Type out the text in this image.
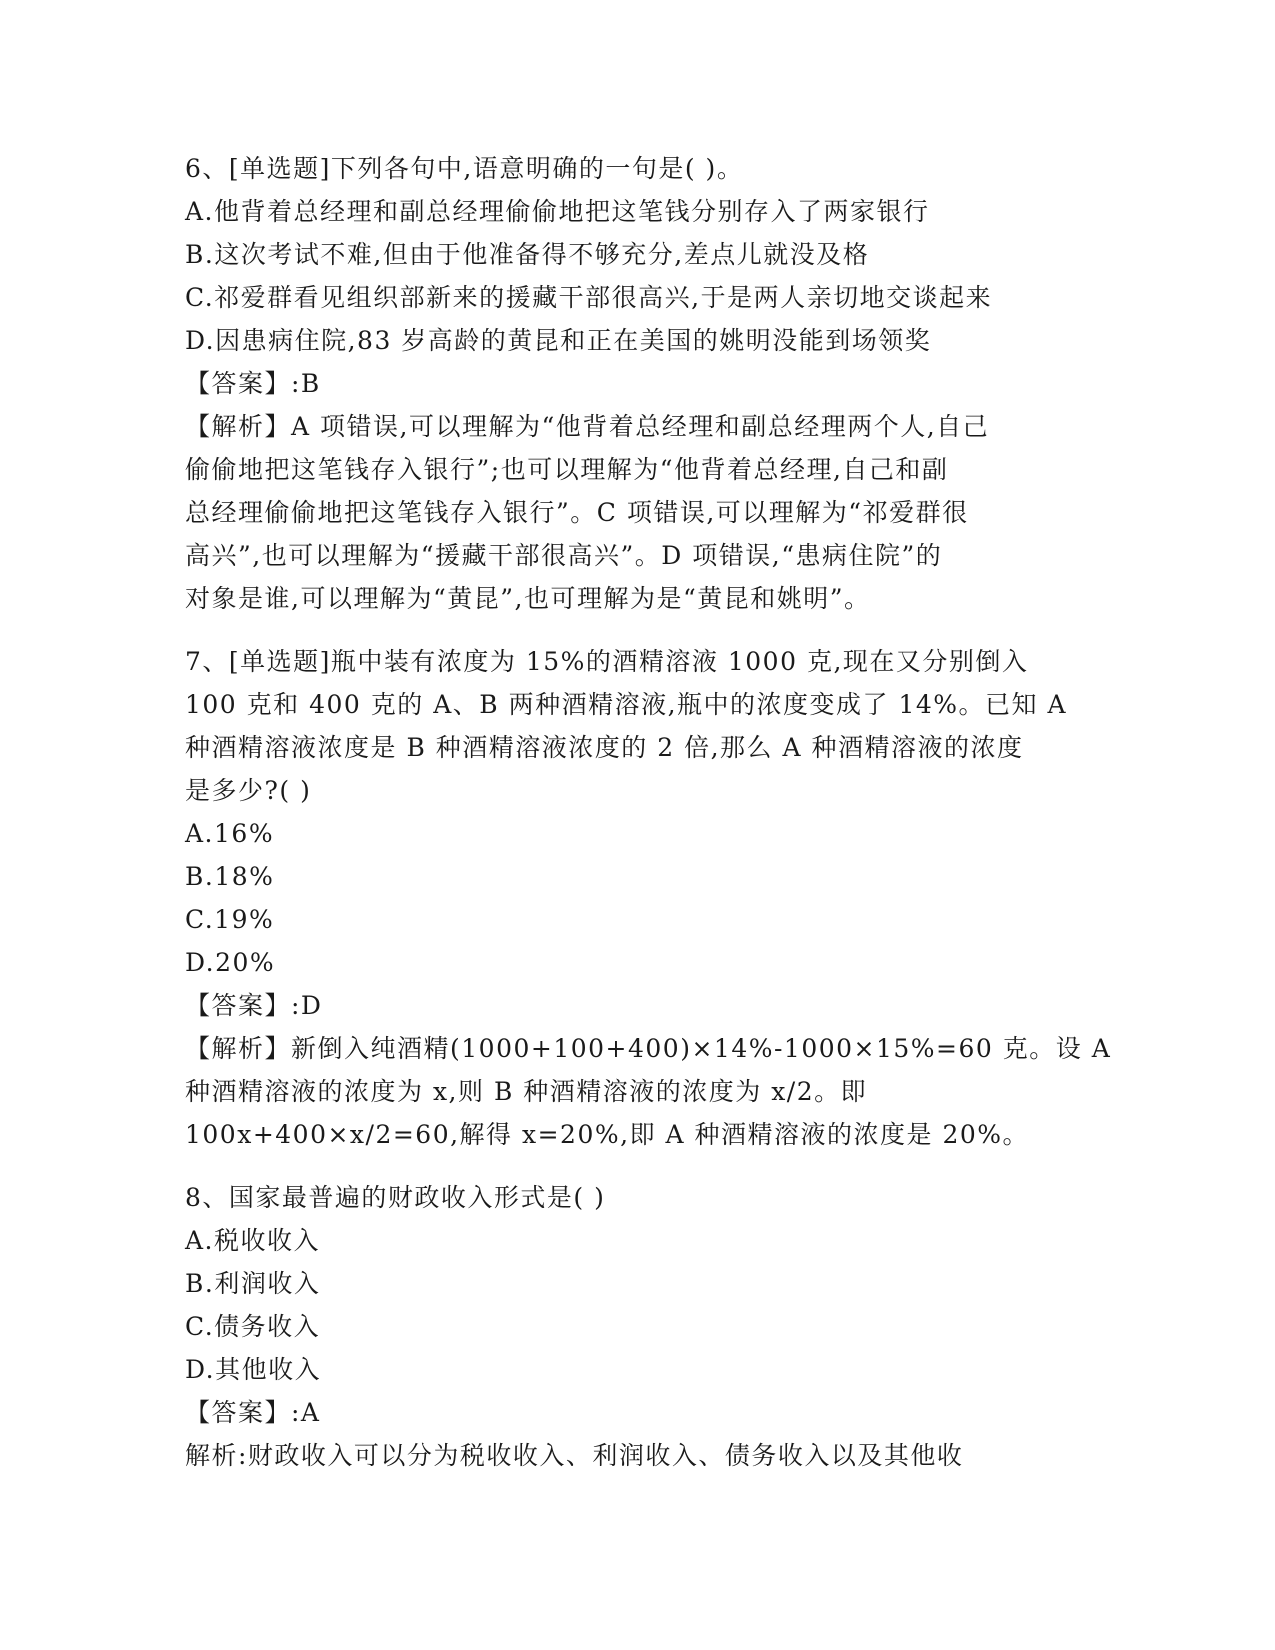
6、[单选题]下列各句中,语意明确的一句是( )。
A.他背着总经理和副总经理偷偷地把这笔钱分别存入了两家银行
B.这次考试不难,但由于他准备得不够充分,差点儿就没及格
C.祁爱群看见组织部新来的援藏干部很高兴,于是两人亲切地交谈起来
D.因患病住院,83 岁高龄的黄昆和正在美国的姚明没能到场领奖
【答案】:B
【解析】A 项错误,可以理解为“他背着总经理和副总经理两个人,自己
偷偷地把这笔钱存入银行”;也可以理解为“他背着总经理,自己和副
总经理偷偷地把这笔钱存入银行”。C 项错误,可以理解为“祁爱群很
高兴”,也可以理解为“援藏干部很高兴”。D 项错误,“患病住院”的
对象是谁,可以理解为“黄昆”,也可理解为是“黄昆和姚明”。
7、[单选题]瓶中装有浓度为 15%的酒精溶液 1000 克,现在又分别倒入
100 克和 400 克的 A、B 两种酒精溶液,瓶中的浓度变成了 14%。已知 A
种酒精溶液浓度是 B 种酒精溶液浓度的 2 倍,那么 A 种酒精溶液的浓度
是多少?( )
A.16%
B.18%
C.19%
D.20%
【答案】:D
【解析】新倒入纯酒精(1000+100+400)×14%-1000×15%=60 克。设 A
种酒精溶液的浓度为 x,则 B 种酒精溶液的浓度为 x/2。即
100x+400×x/2=60,解得 x=20%,即 A 种酒精溶液的浓度是 20%。
8、国家最普遍的财政收入形式是( )
A.税收收入
B.利润收入
C.债务收入
D.其他收入
【答案】:A
解析:财政收入可以分为税收收入、利润收入、债务收入以及其他收
